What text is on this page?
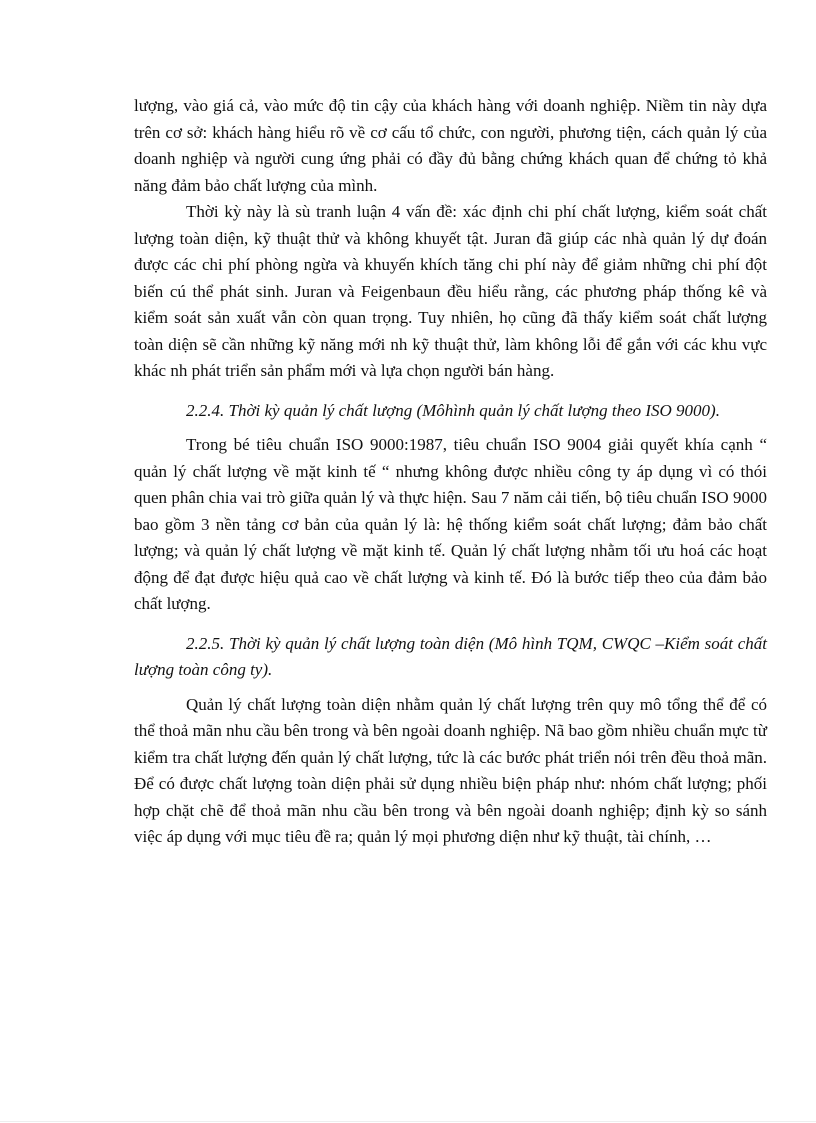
lượng, vào giá cả, vào mức độ tin cậy của khách hàng với doanh nghiệp. Niềm tin này dựa trên cơ sở: khách hàng hiểu rõ về cơ cấu tổ chức, con người, phương tiện, cách quản lý của doanh nghiệp và người cung ứng phải có đầy đủ bằng chứng khách quan để chứng tỏ khả năng đảm bảo chất lượng của mình.

Thời kỳ này là sù tranh luận 4 vấn đề: xác định chi phí chất lượng, kiểm soát chất lượng toàn diện, kỹ thuật thử và không khuyết tật. Juran đã giúp các nhà quản lý dự đoán được các chi phí phòng ngừa và khuyến khích tăng chi phí này để giảm những chi phí đột biến cú thể phát sinh. Juran và Feigenbaun đều hiểu rằng, các phương pháp thống kê và kiểm soát sản xuất vẫn còn quan trọng. Tuy nhiên, họ cũng đã thấy kiểm soát chất lượng toàn diện sẽ cần những kỹ năng mới nh kỹ thuật thử, làm không lỗi để gắn với các khu vực khác nh phát triển sản phẩm mới và lựa chọn người bán hàng.

2.2.4. Thời kỳ quản lý chất lượng (Môhình quản lý chất lượng theo ISO 9000).

Trong bé tiêu chuẩn ISO 9000:1987, tiêu chuẩn ISO 9004 giải quyết khía cạnh “ quản lý chất lượng về mặt kinh tế “ nhưng không được nhiều công ty áp dụng vì có thói quen phân chia vai trò giữa quản lý và thực hiện. Sau 7 năm cải tiến, bộ tiêu chuẩn ISO 9000 bao gồm 3 nền tảng cơ bản của quản lý là: hệ thống kiểm soát chất lượng; đảm bảo chất lượng; và quản lý chất lượng về mặt kinh tế. Quản lý chất lượng nhằm tối ưu hoá các hoạt động để đạt được hiệu quả cao về chất lượng và kinh tế. Đó là bước tiếp theo của đảm bảo chất lượng.

2.2.5. Thời kỳ quản lý chất lượng toàn diện (Mô hình TQM, CWQC –Kiểm soát chất lượng toàn công ty).

Quản lý chất lượng toàn diện nhằm quản lý chất lượng trên quy mô tổng thể để có thể thoả mãn nhu cầu bên trong và bên ngoài doanh nghiệp. Nã bao gồm nhiều chuẩn mực từ kiểm tra chất lượng đến quản lý chất lượng, tức là các bước phát triển nói trên đều thoả mãn. Để có được chất lượng toàn diện phải sử dụng nhiều biện pháp như: nhóm chất lượng; phối hợp chặt chẽ để thoả mãn nhu cầu bên trong và bên ngoài doanh nghiệp; định kỳ so sánh việc áp dụng với mục tiêu đề ra; quản lý mọi phương diện như kỹ thuật, tài chính, …
